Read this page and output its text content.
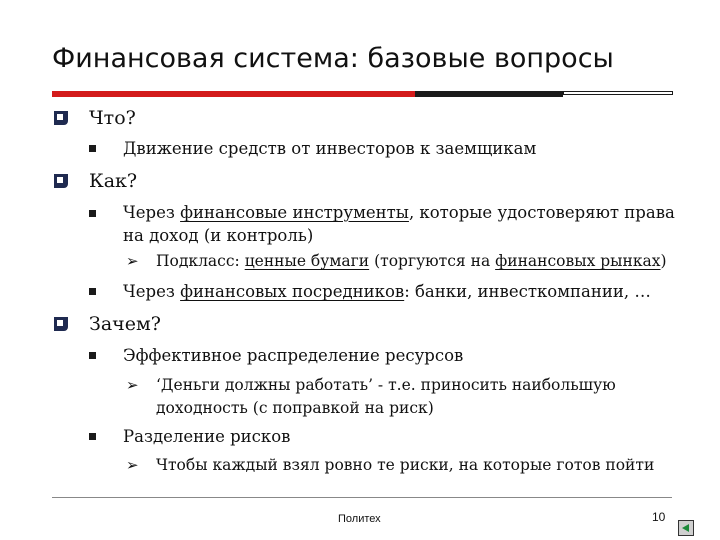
Финансовая система: базовые вопросы
Что?
Движение средств от инвесторов к заемщикам
Как?
Через финансовые инструменты, которые удостоверяют права
на доход (и контроль)
➢ Подкласс: ценные бумаги (торгуются на финансовых рынках)
Через финансовых посредников: банки, инвесткомпании, …
Зачем?
Эффективное распределение ресурсов
➢ ‘Деньги должны работать’ - т.е. приносить наибольшую
доходность (с поправкой на риск)
Разделение рисков
➢ Чтобы каждый взял ровно те риски, на которые готов пойти
Политех	10
